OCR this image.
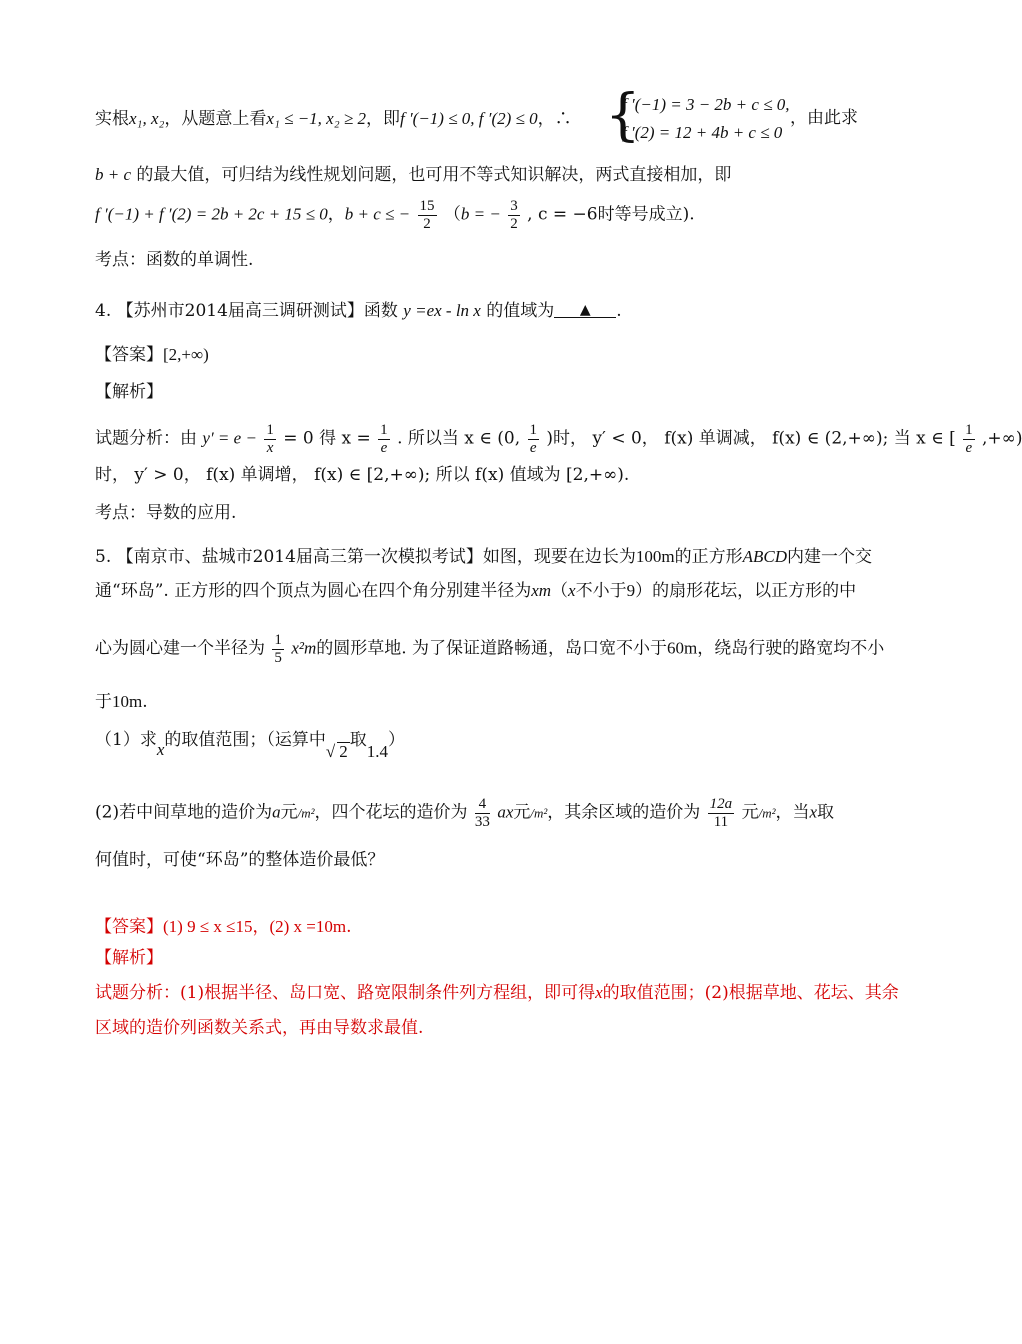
实根x₁, x₂，从题意上看x₁ ≤ −1, x₂ ≥ 2，即f ′(−1) ≤ 0, f ′(2) ≤ 0，∴ {
f ′(−1) = 3 − 2b + c ≤ 0,
f ′(2) = 12 + 4b + c ≤ 0
，由此求
b + c 的最大值，可归结为线性规划问题，也可用不等式知识解决，两式直接相加，即
f ′(−1) + f ′(2) = 2b + 2c + 15 ≤ 0，b + c ≤ − $\frac{15}{2} (b$ = − $\frac{3}{2}$ , c = −6时等号成立).
考点：函数的单调性.
4. 【苏州市2014届高三调研测试】函数 y =ex - ln x 的值域为 ▲ .
【答案】[2,+∞)
【解析】
试题分析：由 $y' = e - \frac{1}{x} = 0$ 得 $x = \frac{1}{e}$ . 所以当 x ∈ (0, $\frac{1}{e}$ )时， y′ < 0， f(x) 单调减， f(x) ∈ (2,+∞); 当 x ∈ [ $\frac{1}{e}$ ,+∞)
时， y′ > 0， f(x) 单调增， f(x) ∈ [2,+∞); 所以 f(x) 值域为 [2,+∞).
考点：导数的应用.
5. 【南京市、盐城市2014届高三第一次模拟考试】如图，现要在边长为100m的正方形ABCD内建一个交
通“环岛”. 正方形的四个顶点为圆心在四个角分别建半径为xm（x不小于9）的扇形花坛，以正方形的中
心为圆心建一个半径为 $\frac{1}{5} x^2m$的圆形草地. 为了保证道路畅通，岛口宽不小于60m，绕岛行驶的路宽均不小
于10m.
（1）求x的取值范围；（运算中√ 2取1.4）
(2)若中间草地的造价为a元/m²，四个花坛的造价为 $\frac{4}{33}$ ax元/m²，其余区域的造价为 $\frac{12a}{11}$ 元/m²，当x取
何值时，可使“环岛”的整体造价最低？
【答案】(1) 9 ≤ x ≤15，(2) x =10m.
【解析】
试题分析：(1)根据半径、岛口宽、路宽限制条件列方程组，即可得x的取值范围；(2)根据草地、花坛、其余
区域的造价列函数关系式，再由导数求最值.
